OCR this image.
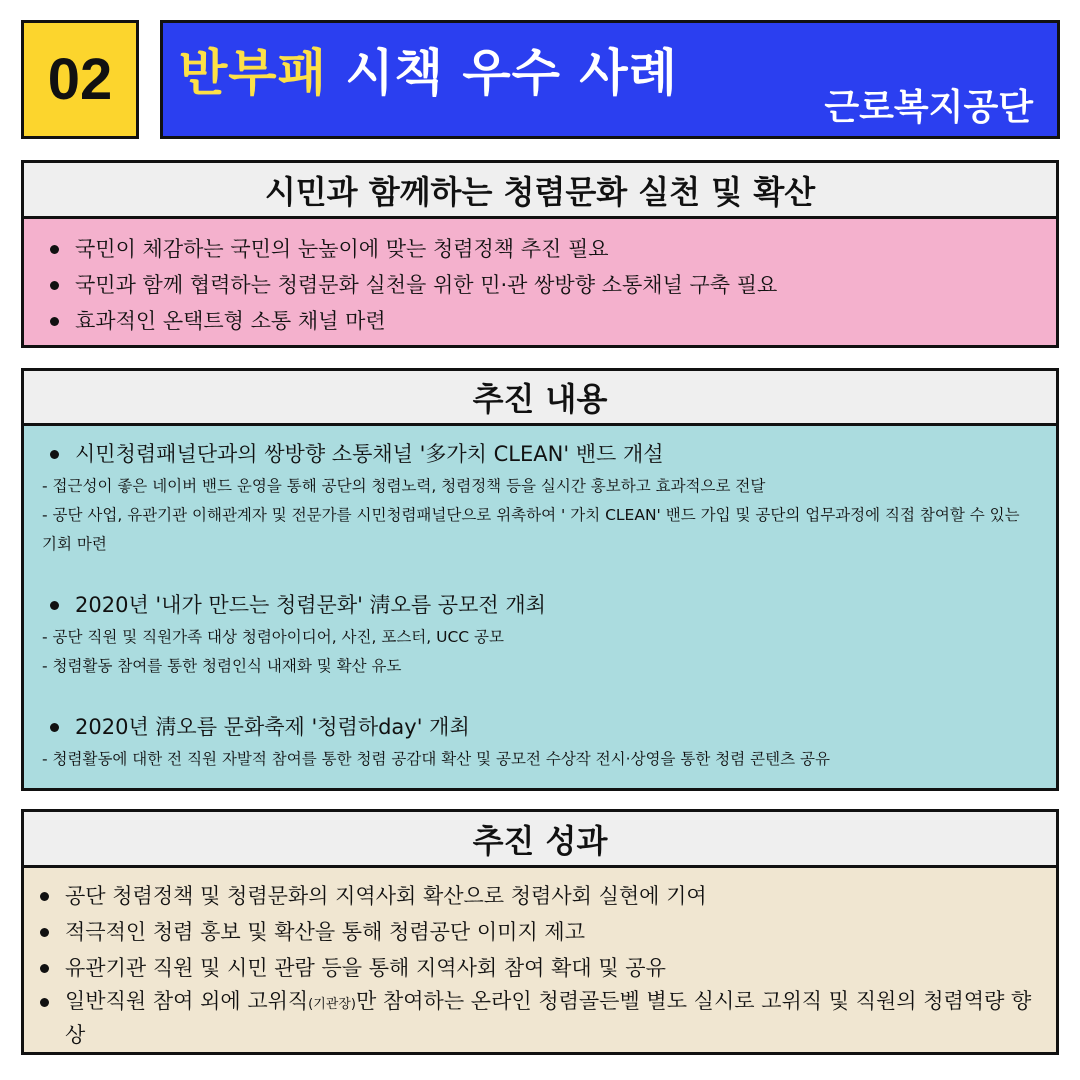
02 반부패 시책 우수 사례
근로복지공단
시민과 함께하는 청렴문화 실천 및 확산
국민이 체감하는 국민의 눈높이에 맞는 청렴정책 추진 필요
국민과 함께 협력하는 청렴문화 실천을 위한 민·관 쌍방향 소통채널 구축 필요
효과적인 온택트형 소통 채널 마련
추진 내용
시민청렴패널단과의 쌍방향 소통채널 '多가치 CLEAN' 밴드 개설
- 접근성이 좋은 네이버 밴드 운영을 통해 공단의 청렴노력, 청렴정책 등을 실시간 홍보하고 효과적으로 전달
- 공단 사업, 유관기관 이해관계자 및 전문가를 시민청렴패널단으로 위촉하여 ' 가치 CLEAN' 밴드 가입 및 공단의 업무과정에 직접 참여할 수 있는 기회 마련
2020년 '내가 만드는 청렴문화' 淸오름 공모전 개최
- 공단 직원 및 직원가족 대상 청렴아이디어, 사진, 포스터, UCC 공모
- 청렴활동 참여를 통한 청렴인식 내재화 및 확산 유도
2020년 淸오름 문화축제 '청렴하day' 개최
- 청렴활동에 대한 전 직원 자발적 참여를 통한 청렴 공감대 확산 및 공모전 수상작 전시·상영을 통한 청렴 콘텐츠 공유
추진 성과
공단 청렴정책 및 청렴문화의 지역사회 확산으로 청렴사회 실현에 기여
적극적인 청렴 홍보 및 확산을 통해 청렴공단 이미지 제고
유관기관 직원 및 시민 관람 등을 통해 지역사회 참여 확대 및 공유
일반직원 참여 외에 고위직(기관장)만 참여하는 온라인 청렴골든벨 별도 실시로 고위직 및 직원의 청렴역량 향상
